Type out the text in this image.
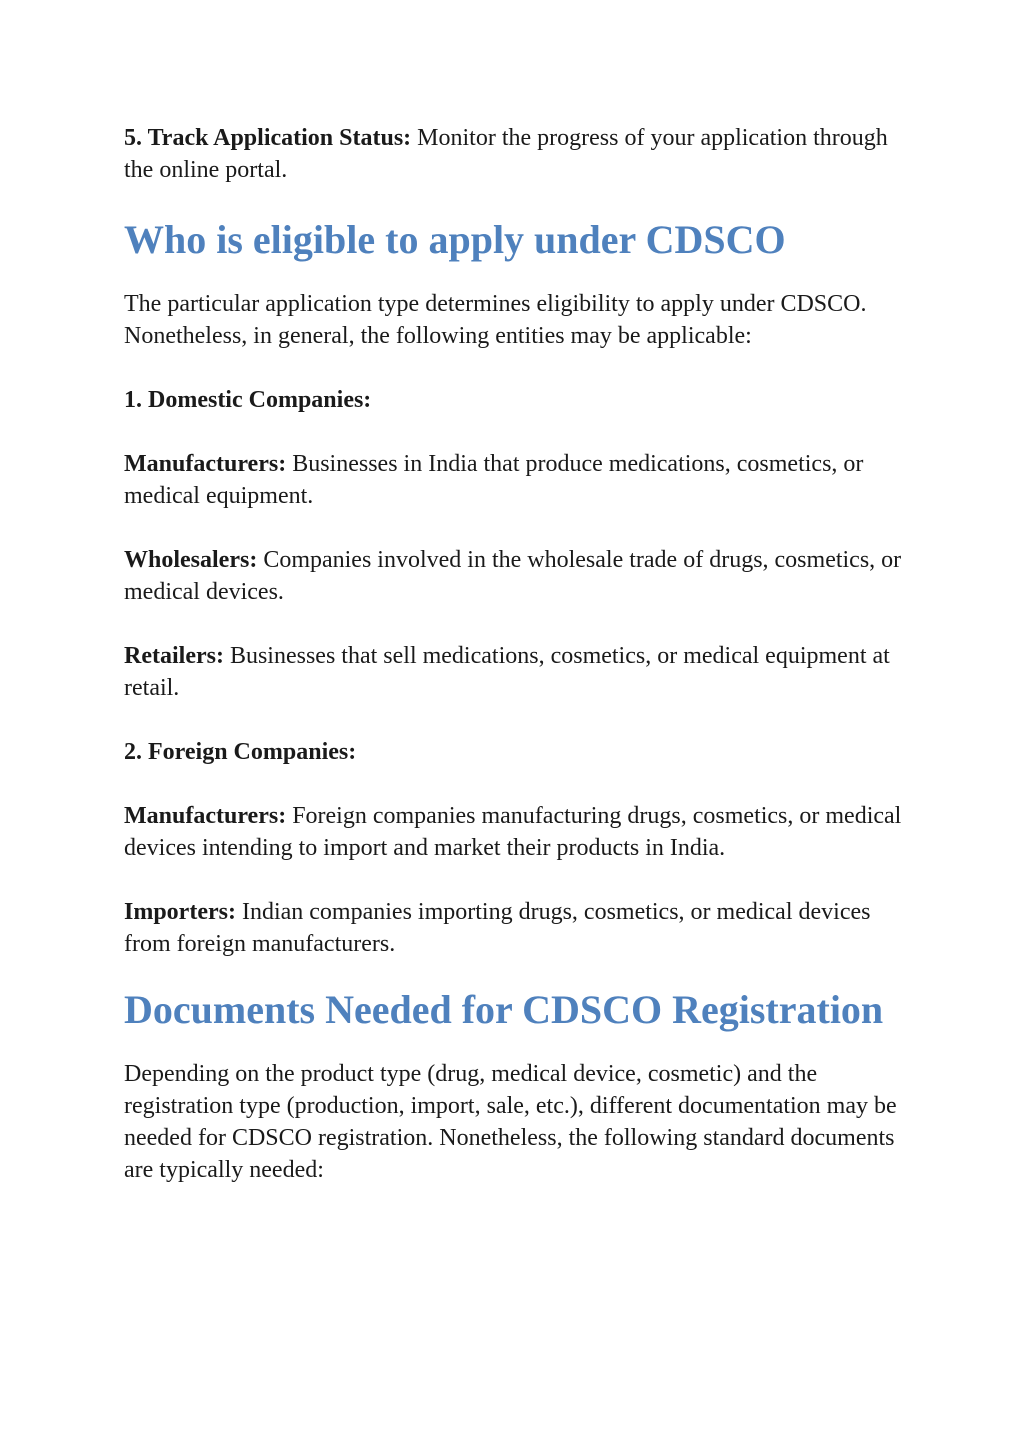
5. Track Application Status: Monitor the progress of your application through the online portal.

Who is eligible to apply under CDSCO

The particular application type determines eligibility to apply under CDSCO. Nonetheless, in general, the following entities may be applicable:

1. Domestic Companies:

Manufacturers: Businesses in India that produce medications, cosmetics, or medical equipment.

Wholesalers: Companies involved in the wholesale trade of drugs, cosmetics, or medical devices.

Retailers: Businesses that sell medications, cosmetics, or medical equipment at retail.

2. Foreign Companies:

Manufacturers: Foreign companies manufacturing drugs, cosmetics, or medical devices intending to import and market their products in India.

Importers: Indian companies importing drugs, cosmetics, or medical devices from foreign manufacturers.

Documents Needed for CDSCO Registration

Depending on the product type (drug, medical device, cosmetic) and the registration type (production, import, sale, etc.), different documentation may be needed for CDSCO registration. Nonetheless, the following standard documents are typically needed:
